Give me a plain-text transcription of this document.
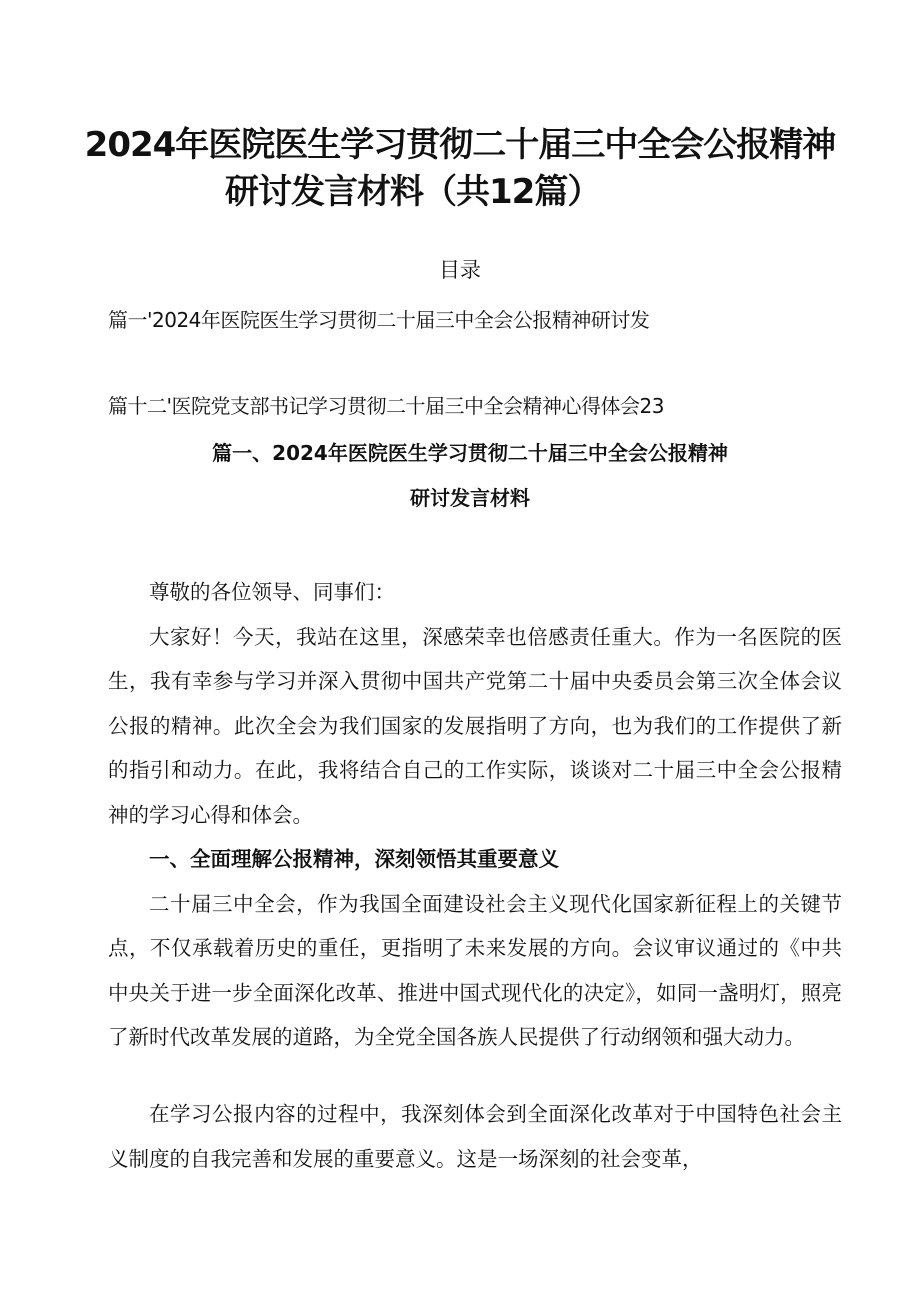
2024年医院医生学习贯彻二十届三中全会公报精神
研讨发言材料（共12篇）
目录
篇一'2024年医院医生学习贯彻二十届三中全会公报精神研讨发
篇十二'医院党支部书记学习贯彻二十届三中全会精神心得体会23
篇一、2024年医院医生学习贯彻二十届三中全会公报精神
研讨发言材料

尊敬的各位领导、同事们：

大家好！今天，我站在这里，深感荣幸也倍感责任重大。作为一名医院的医生，我有幸参与学习并深入贯彻中国共产党第二十届中央委员会第三次全体会议公报的精神。此次全会为我们国家的发展指明了方向，也为我们的工作提供了新的指引和动力。在此，我将结合自己的工作实际，谈谈对二十届三中全会公报精神的学习心得和体会。

一、全面理解公报精神，深刻领悟其重要意义

二十届三中全会，作为我国全面建设社会主义现代化国家新征程上的关键节点，不仅承载着历史的重任，更指明了未来发展的方向。会议审议通过的《中共中央关于进一步全面深化改革、推进中国式现代化的决定》，如同一盏明灯，照亮了新时代改革发展的道路，为全党全国各族人民提供了行动纲领和强大动力。

在学习公报内容的过程中，我深刻体会到全面深化改革对于中国特色社会主义制度的自我完善和发展的重要意义。这是一场深刻的社会变革，
